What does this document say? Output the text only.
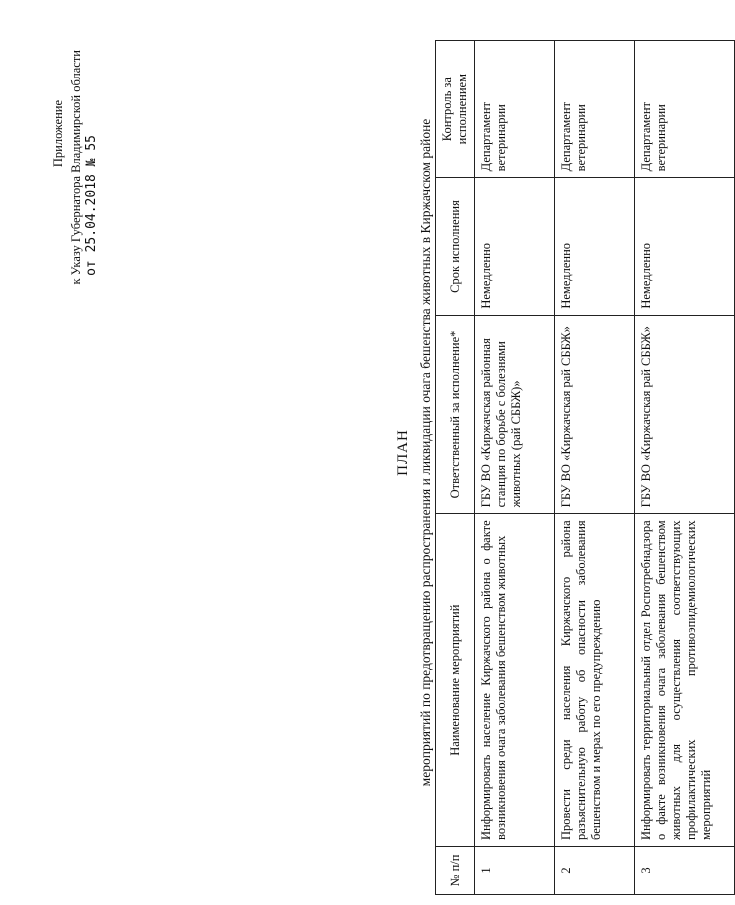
Приложение к Указу Губернатора Владимирской области от 25.04.2018 № 55
ПЛАН мероприятий по предотвращению распространения и ликвидации очага бешенства животных в Киржачском районе
№ п/п	Наименование мероприятий	Ответственный за исполнение*	Срок исполнения	Контроль за исполнением
1	Информировать население Киржачского района о факте возникновения очага заболевания бешенством животных	ГБУ ВО «Киржачская районная станция по борьбе с болезнями животных (рай СББЖ)»	Немедленно	Департамент ветеринарии
2	Провести среди населения Киржачского района разъяснительную работу об опасности заболевания бешенством и мерах по его предупреждению	ГБУ ВО «Киржачская рай СББЖ»	Немедленно	Департамент ветеринарии
3	Информировать территориальный отдел Роспотребнадзора о факте возникновения очага заболевания бешенством животных для осуществления соответствующих профилактических противоэпидемиологических мероприятий	ГБУ ВО «Киржачская рай СББЖ»	Немедленно	Департамент ветеринарии
